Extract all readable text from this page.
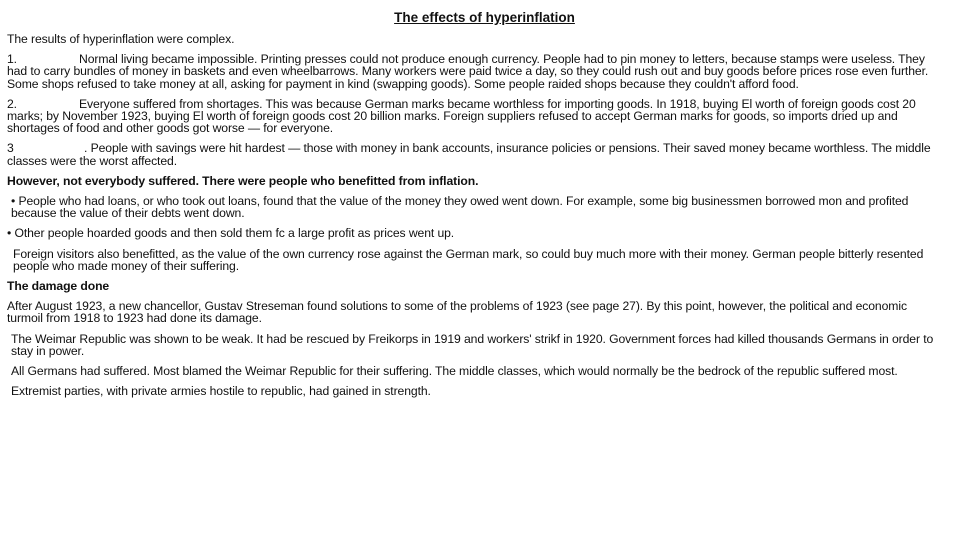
The effects of hyperinflation
The results of hyperinflation were complex.
1.	Normal living became impossible. Printing presses could not produce enough currency. People had to pin money to letters, because stamps were useless. They had to carry bundles of money in baskets and even wheelbarrows. Many workers were paid twice a day, so they could rush out and buy goods before prices rose even further. Some shops refused to take money at all, asking for payment in kind (swapping goods). Some people raided shops because they couldn't afford food.
2.	Everyone suffered from shortages. This was because German marks became worthless for importing goods. In 1918, buying El worth of foreign goods cost 20 marks; by November 1923, buying El worth of foreign goods cost 20 billion marks. Foreign suppliers refused to accept German marks for goods, so imports dried up and shortages of food and other goods got worse — for everyone.
3	. People with savings were hit hardest — those with money in bank accounts, insurance policies or pensions. Their saved money became worthless. The middle classes were the worst affected.
However, not everybody suffered. There were people who benefitted from inflation.
• People who had loans, or who took out loans, found that the value of the money they owed went down. For example, some big businessmen borrowed mon and profited because the value of their debts went down.
• Other people hoarded goods and then sold them fc a large profit as prices went up.
Foreign visitors also benefitted, as the value of the own currency rose against the German mark, so could buy much more with their money. German people bitterly resented people who made money of their suffering.
The damage done
After August 1923, a new chancellor, Gustav Streseman found solutions to some of the problems of 1923 (see page 27). By this point, however, the political and economic turmoil from 1918 to 1923 had done its damage.
The Weimar Republic was shown to be weak. It had be rescued by Freikorps in 1919 and workers' strikf in 1920. Government forces had killed thousands Germans in order to stay in power.
All Germans had suffered. Most blamed the Weimar Republic for their suffering. The middle classes, which would normally be the bedrock of the republic suffered most.
Extremist parties, with private armies hostile to republic, had gained in strength.
